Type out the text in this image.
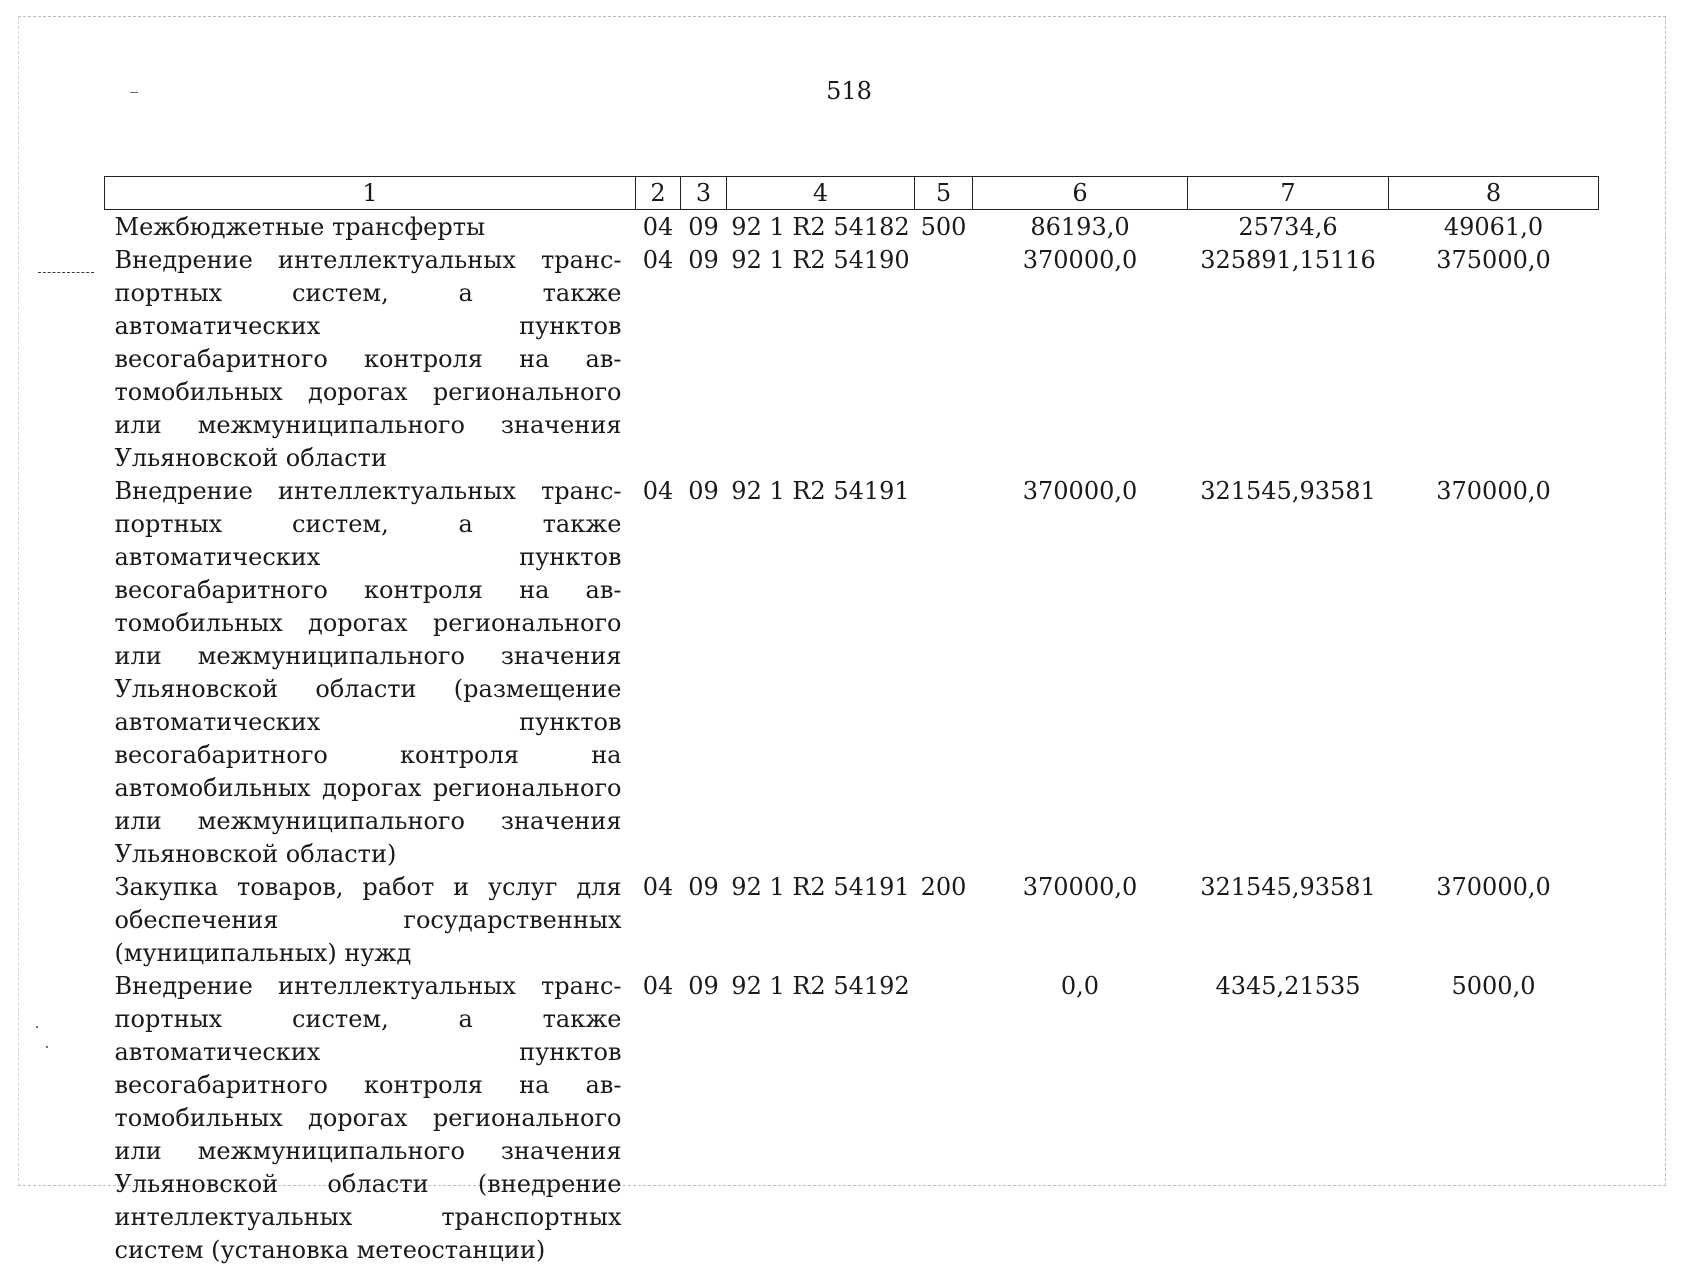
518
1	2	3	4	5	6	7	8
Межбюджетные трансферты	04	09	92 1 R2 54182	500	86193,0	25734,6	49061,0
Внедрение интеллектуальных транспортных систем, а также автоматических пунктов весогабаритного контроля на автомобильных дорогах регионального или межмуниципального значения Ульяновской области	04	09	92 1 R2 54190		370000,0	325891,15116	375000,0
Внедрение интеллектуальных транспортных систем, а также автоматических пунктов весогабаритного контроля на автомобильных дорогах регионального или межмуниципального значения Ульяновской области (размещение автоматических пунктов весогабаритного контроля на автомобильных дорогах регионального или межмуниципального значения Ульяновской области)	04	09	92 1 R2 54191		370000,0	321545,93581	370000,0
Закупка товаров, работ и услуг для обеспечения государственных (муниципальных) нужд	04	09	92 1 R2 54191	200	370000,0	321545,93581	370000,0
Внедрение интеллектуальных транспортных систем, а также автоматических пунктов весогабаритного контроля на автомобильных дорогах регионального или межмуниципального значения Ульяновской области (внедрение интеллектуальных транспортных систем (установка метеостанции)	04	09	92 1 R2 54192		0,0	4345,21535	5000,0
